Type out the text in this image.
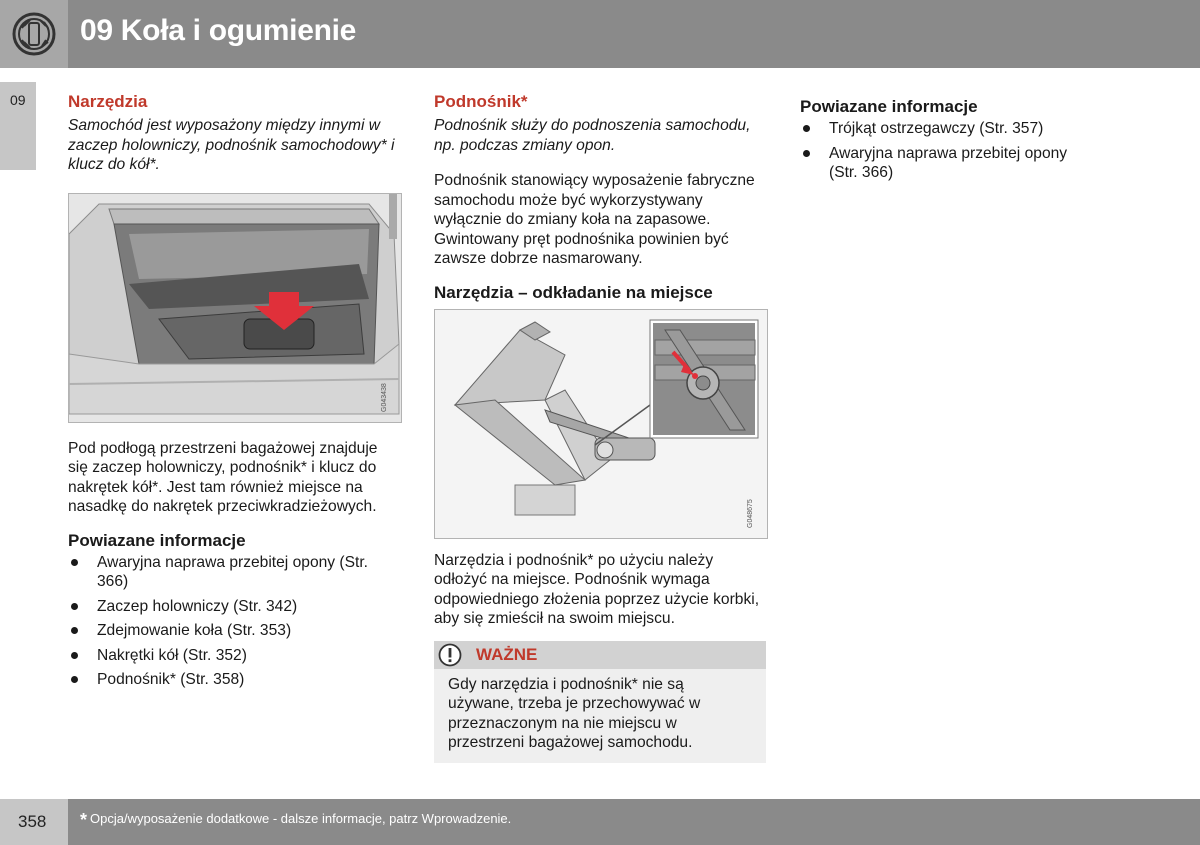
09 Koła i ogumienie
09 Narzędzia

Samochód jest wyposażony między innymi w zaczep holowniczy, podnośnik samochodowy* i klucz do kół*.

G043438

Pod podłogą przestrzeni bagażowej znajduje się zaczep holowniczy, podnośnik* i klucz do nakrętek kół*. Jest tam również miejsce na nasadkę do nakrętek przeciwkradzieżowych.

Powiazane informacje
Awaryjna naprawa przebitej opony (Str. 366)
Zaczep holowniczy (Str. 342)
Zdejmowanie koła (Str. 353)
Nakrętki kół (Str. 352)
Podnośnik* (Str. 358)
Podnośnik*

Podnośnik służy do podnoszenia samochodu, np. podczas zmiany opon.

Podnośnik stanowiący wyposażenie fabryczne samochodu może być wykorzystywany wyłącznie do zmiany koła na zapasowe. Gwintowany pręt podnośnika powinien być zawsze dobrze nasmarowany.

Narzędzia – odkładanie na miejsce
G048675

Narzędzia i podnośnik* po użyciu należy odłożyć na miejsce. Podnośnik wymaga odpowiedniego złożenia poprzez użycie korbki, aby się zmieścił na swoim miejscu.

WAŻNE

Gdy narzędzia i podnośnik* nie są używane, trzeba je przechowywać w przeznaczonym na nie miejscu w przestrzeni bagażowej samochodu.

Powiazane informacje
Trójkąt ostrzegawczy (Str. 357)
Awaryjna naprawa przebitej opony (Str. 366)
358 * Opcja/wyposażenie dodatkowe - dalsze informacje, patrz Wprowadzenie.
